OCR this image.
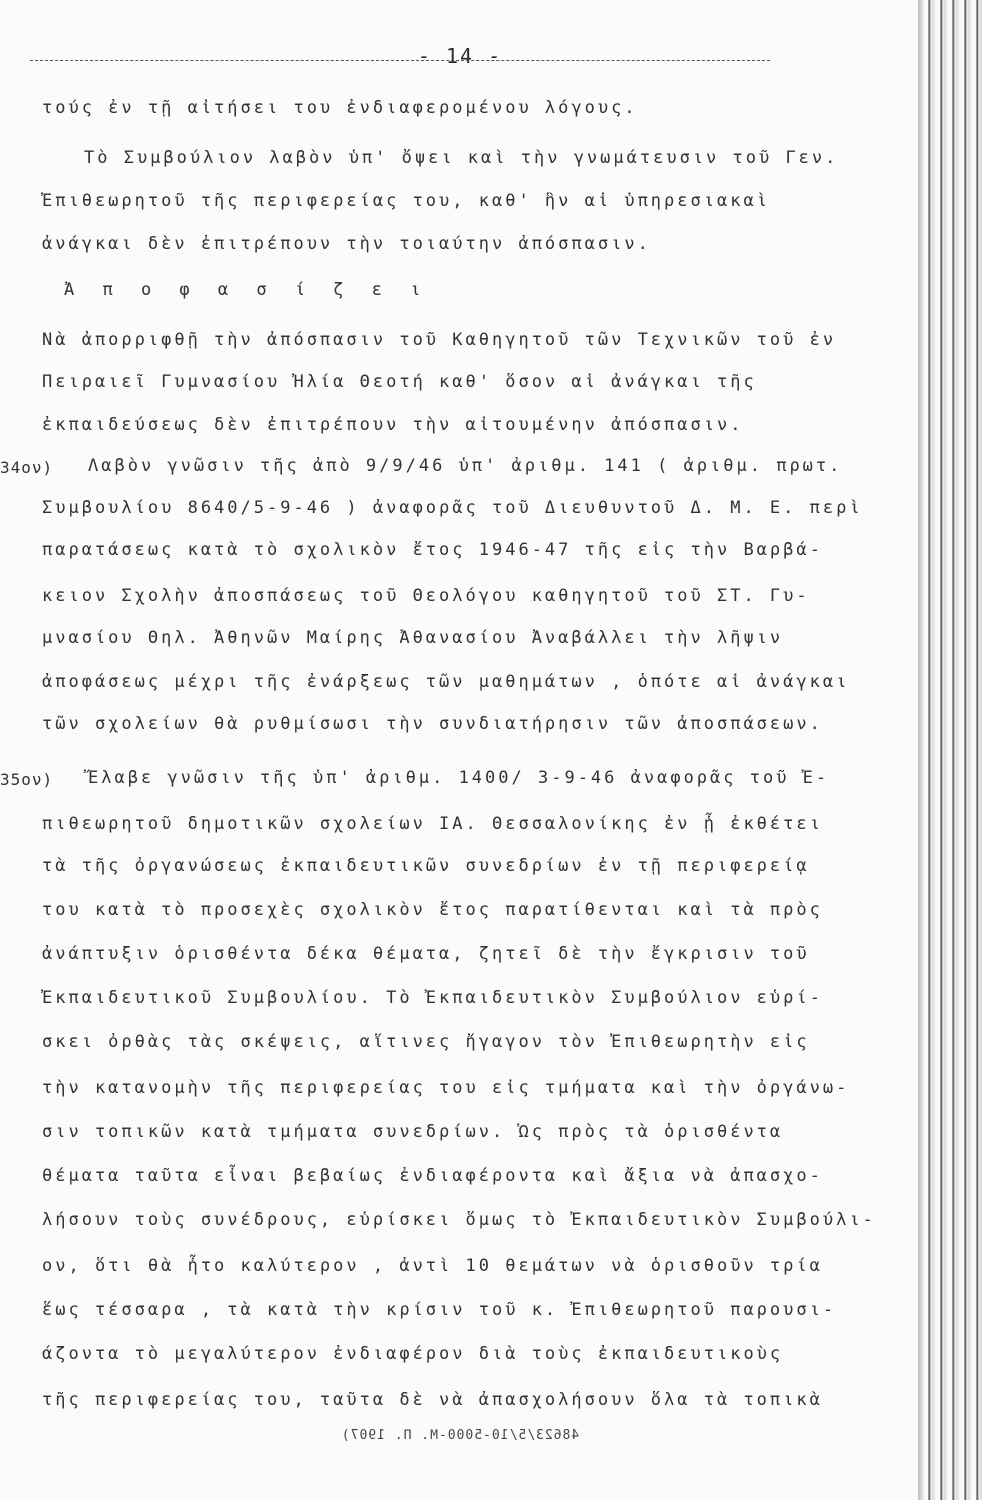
- 14 -
τούς ἐν τῇ αἰτήσει του ἐνδιαφερομένου λόγους.
Τὸ Συμβούλιον λαβὸν ὑπ' ὄψει καὶ τὴν γνωμάτευσιν τοῦ Γεν.
Ἐπιθεωρητοῦ τῆς περιφερείας του, καθ' ἣν αἱ ὑπηρεσιακαὶ
ἀνάγκαι δὲν ἐπιτρέπουν τὴν τοιαύτην ἀπόσπασιν.
Ἀ π ο φ α σ ί ζ ε ι
Νὰ ἀπορριφθῇ τὴν ἀπόσπασιν τοῦ Καθηγητοῦ τῶν Τεχνικῶν τοῦ ἐν
Πειραιεῖ Γυμνασίου Ἠλία Θεοτή καθ' ὅσον αἱ ἀνάγκαι τῆς
ἐκπαιδεύσεως δὲν ἐπιτρέπουν τὴν αἰτουμένην ἀπόσπασιν.
34ον) Λαβὸν γνῶσιν τῆς ἀπὸ 9/9/46 ὑπ' ἀριθμ. 141 ( ἀριθμ. πρωτ.
Συμβουλίου 8640/5-9-46 ) ἀναφορᾶς τοῦ Διευθυντοῦ Δ. Μ. Ε. περὶ
παρατάσεως κατὰ τὸ σχολικὸν ἔτος 1946-47 τῆς εἰς τὴν Βαρβά-
κειον Σχολὴν ἀποσπάσεως τοῦ Θεολόγου καθηγητοῦ τοῦ ΣΤ. Γυ-
μνασίου Θηλ. Ἀθηνῶν Μαίρης Ἀθανασίου Ἀναβάλλει τὴν λῆψιν
ἀποφάσεως μέχρι τῆς ἐνάρξεως τῶν μαθημάτων , ὁπότε αἱ ἀνάγκαι
τῶν σχολείων θὰ ρυθμίσωσι τὴν συνδιατήρησιν τῶν ἀποσπάσεων.
35ον) Ἔλαβε γνῶσιν τῆς ὑπ' ἀριθμ. 1400/ 3-9-46 ἀναφορᾶς τοῦ Ἐ-
πιθεωρητοῦ δημοτικῶν σχολείων ΙΑ. Θεσσαλονίκης ἐν ᾗ ἐκθέτει
τὰ τῆς ὀργανώσεως ἐκπαιδευτικῶν συνεδρίων ἐν τῇ περιφερείᾳ
του κατὰ τὸ προσεχὲς σχολικὸν ἔτος παρατίθενται καὶ τὰ πρὸς
ἀνάπτυξιν ὁρισθέντα δέκα θέματα, ζητεῖ δὲ τὴν ἔγκρισιν τοῦ
Ἐκπαιδευτικοῦ Συμβουλίου. Τὸ Ἐκπαιδευτικὸν Συμβούλιον εὑρί-
σκει ὀρθὰς τὰς σκέψεις, αἵτινες ἤγαγον τὸν Ἐπιθεωρητὴν εἰς
τὴν κατανομὴν τῆς περιφερείας του εἰς τμήματα καὶ τὴν ὀργάνω-
σιν τοπικῶν κατὰ τμήματα συνεδρίων. Ὡς πρὸς τὰ ὁρισθέντα
θέματα ταῦτα εἶναι βεβαίως ἐνδιαφέροντα καὶ ἄξια νὰ ἀπασχο-
λήσουν τοὺς συνέδρους, εὑρίσκει ὅμως τὸ Ἐκπαιδευτικὸν Συμβούλι-
ον, ὅτι θὰ ἦτο καλύτερον , ἀντὶ 10 θεμάτων νὰ ὁρισθοῦν τρία
ἕως τέσσαρα , τὰ κατὰ τὴν κρίσιν τοῦ κ. Ἐπιθεωρητοῦ παρουσι-
άζοντα τὸ μεγαλύτερον ἐνδιαφέρον διὰ τοὺς ἐκπαιδευτικοὺς
τῆς περιφερείας του, ταῦτα δὲ νὰ ἀπασχολήσουν ὅλα τὰ τοπικὰ
48623/5/10-5000-Μ. Π. 1907)
